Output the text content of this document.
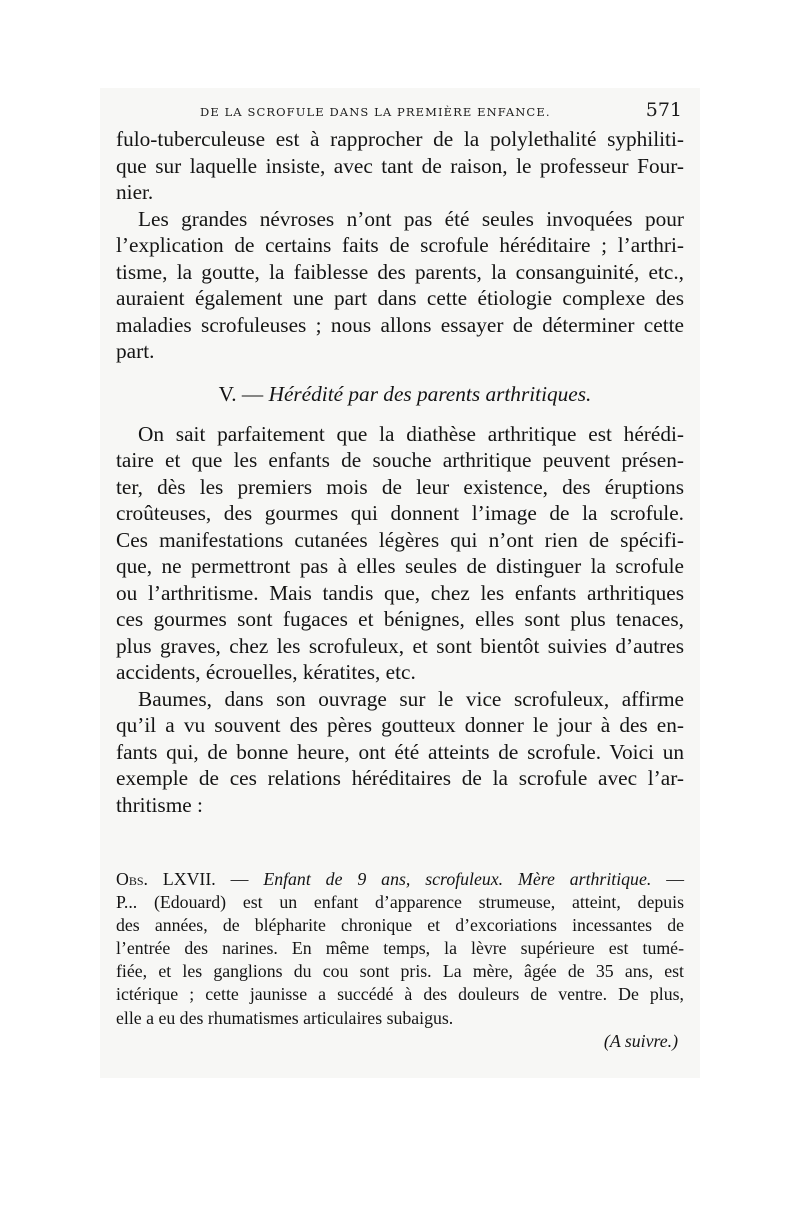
DE LA SCROFULE DANS LA PREMIÈRE ENFANCE.	571
fulo-tuberculeuse est à rapprocher de la polylethalité syphiliti-
que sur laquelle insiste, avec tant de raison, le professeur Four-
nier.
Les grandes névroses n’ont pas été seules invoquées pour
l’explication de certains faits de scrofule héréditaire ; l’arthri-
tisme, la goutte, la faiblesse des parents, la consanguinité, etc.,
auraient également une part dans cette étiologie complexe des
maladies scrofuleuses ; nous allons essayer de déterminer cette
part.
V. — Hérédité par des parents arthritiques.
On sait parfaitement que la diathèse arthritique est hérédi-
taire et que les enfants de souche arthritique peuvent présen-
ter, dès les premiers mois de leur existence, des éruptions
croûteuses, des gourmes qui donnent l’image de la scrofule.
Ces manifestations cutanées légères qui n’ont rien de spécifi-
que, ne permettront pas à elles seules de distinguer la scrofule
ou l’arthritisme. Mais tandis que, chez les enfants arthritiques
ces gourmes sont fugaces et bénignes, elles sont plus tenaces,
plus graves, chez les scrofuleux, et sont bientôt suivies d’autres
accidents, écrouelles, kératites, etc.
Baumes, dans son ouvrage sur le vice scrofuleux, affirme
qu’il a vu souvent des pères goutteux donner le jour à des en-
fants qui, de bonne heure, ont été atteints de scrofule. Voici un
exemple de ces relations héréditaires de la scrofule avec l’ar-
thritisme :
Obs. LXVII. — Enfant de 9 ans, scrofuleux. Mère arthritique. —
P... (Edouard) est un enfant d’apparence strumeuse, atteint, depuis
des années, de blépharite chronique et d’excoriations incessantes de
l’entrée des narines. En même temps, la lèvre supérieure est tumé-
fiée, et les ganglions du cou sont pris. La mère, âgée de 35 ans, est
ictérique ; cette jaunisse a succédé à des douleurs de ventre. De plus,
elle a eu des rhumatismes articulaires subaigus.
(A suivre.)
